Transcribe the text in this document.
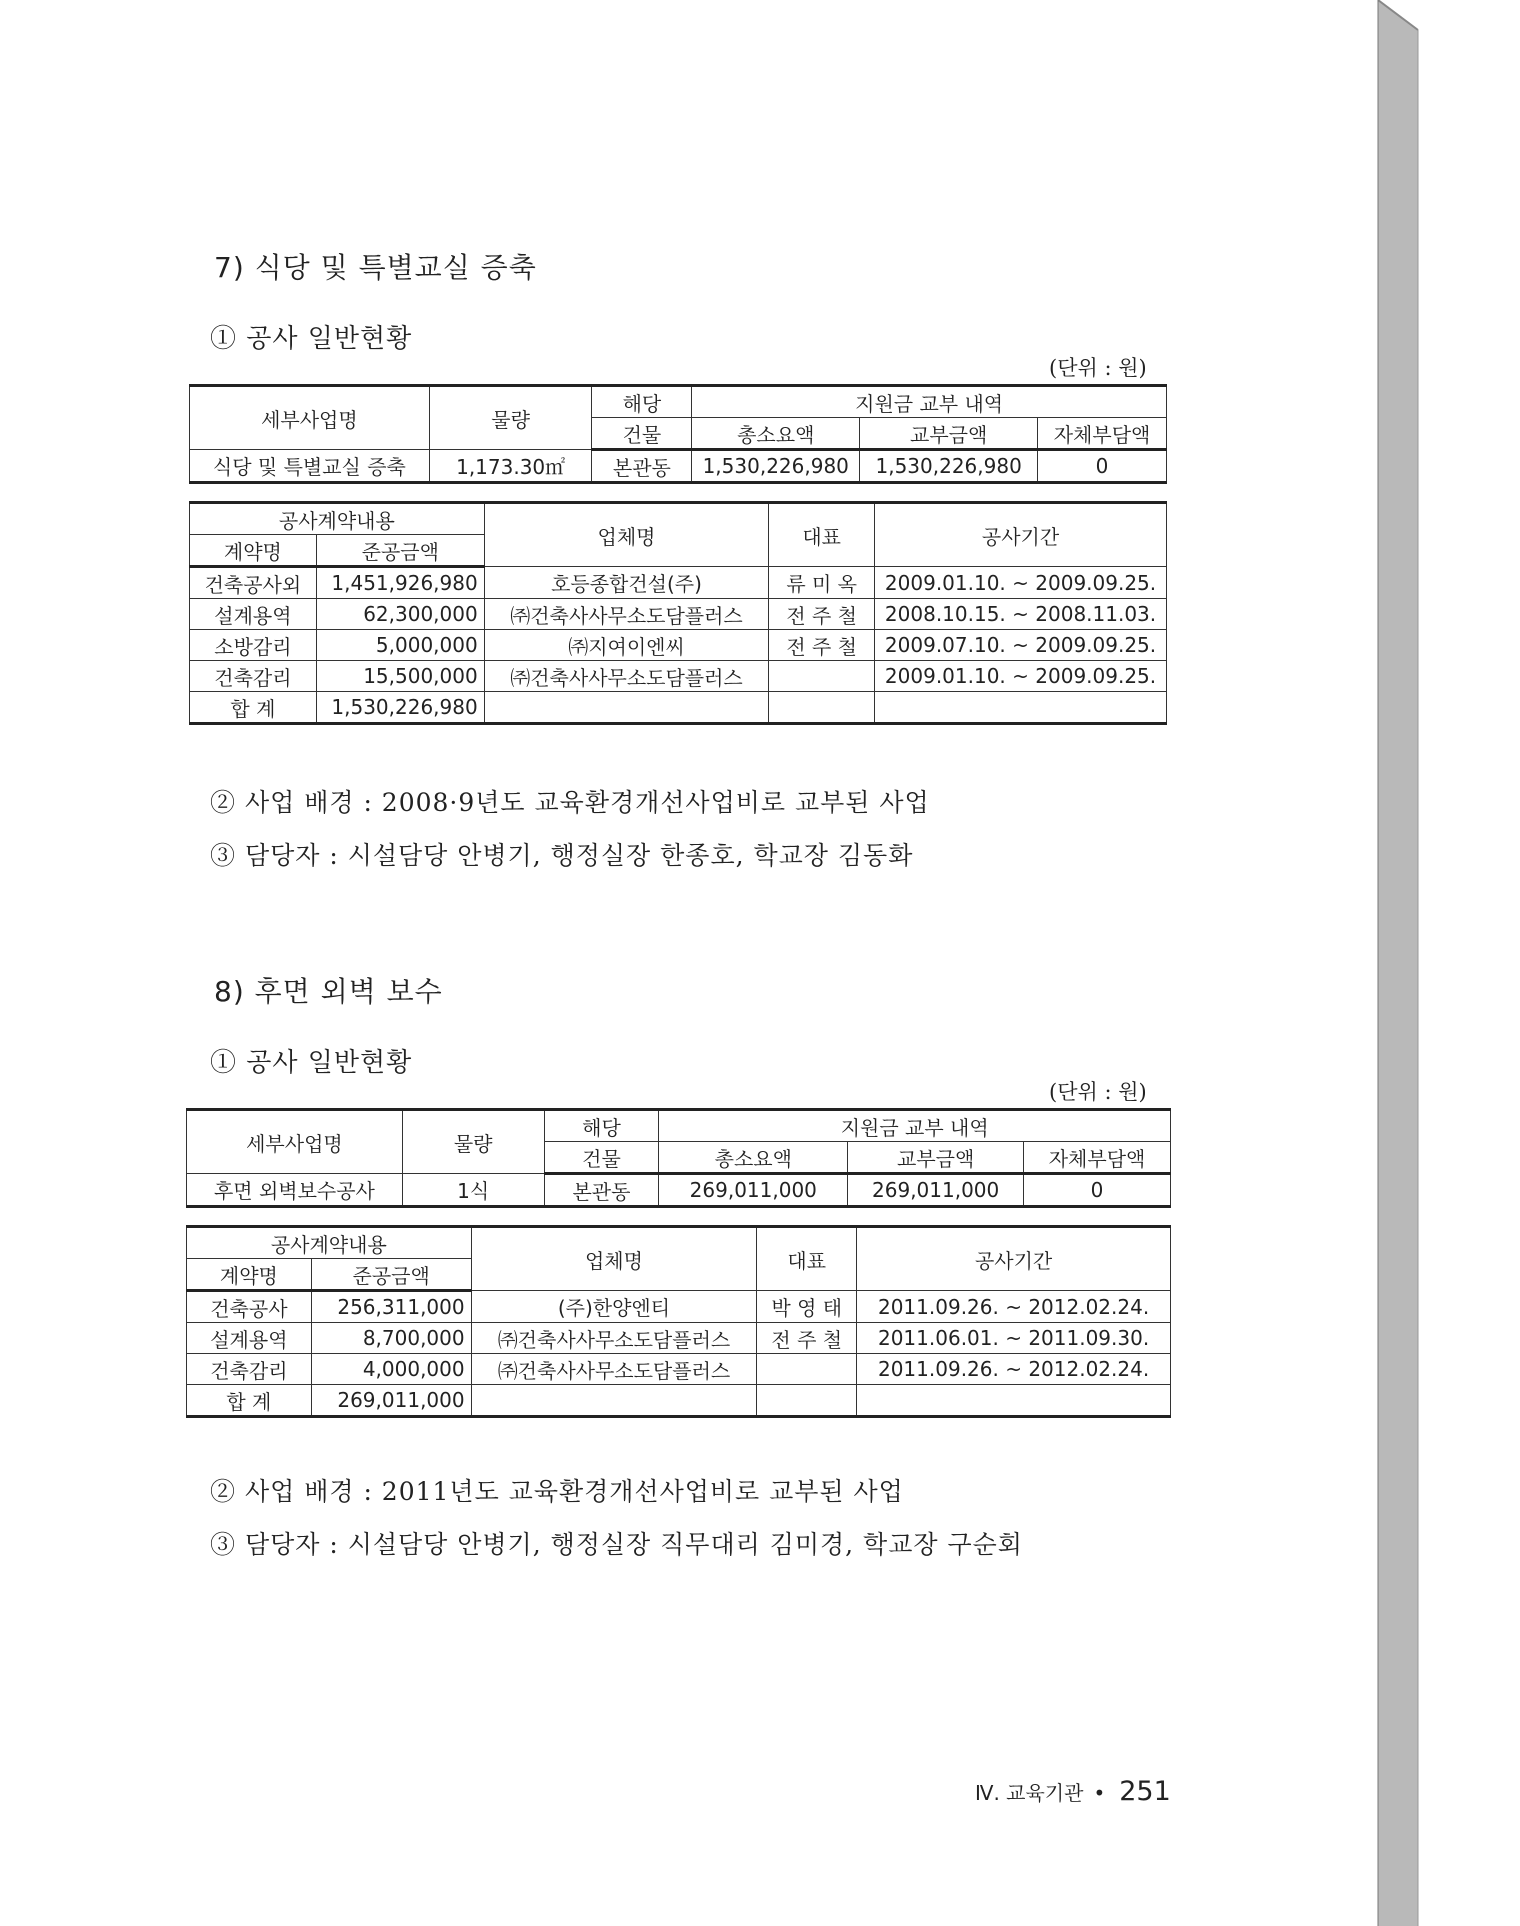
7) 식당 및 특별교실 증축
① 공사 일반현황
(단위 : 원)
세부사업명	물량	해당	지원금 교부 내역		
		건물	총소요액	교부금액	자체부담액
식당 및 특별교실 증축	1,173.30㎡	본관동	1,530,226,980	1,530,226,980	0
공사계약내용		업체명	대표	공사기간
계약명	준공금액			
건축공사외	1,451,926,980	호등종합건설(주)	류 미 옥	2009.01.10. ~ 2009.09.25.
설계용역	62,300,000	㈜건축사사무소도담플러스	전 주 철	2008.10.15. ~ 2008.11.03.
소방감리	5,000,000	㈜지여이엔씨	전 주 철	2009.07.10. ~ 2009.09.25.
건축감리	15,500,000	㈜건축사사무소도담플러스		2009.01.10. ~ 2009.09.25.
합 계	1,530,226,980			
② 사업 배경 : 2008·9년도 교육환경개선사업비로 교부된 사업
③ 담당자 : 시설담당 안병기, 행정실장 한종호, 학교장 김동화
8) 후면 외벽 보수
① 공사 일반현황
(단위 : 원)
세부사업명	물량	해당	지원금 교부 내역		
		건물	총소요액	교부금액	자체부담액
후면 외벽보수공사	1식	본관동	269,011,000	269,011,000	0
공사계약내용		업체명	대표	공사기간
계약명	준공금액			
건축공사	256,311,000	(주)한양엔티	박 영 태	2011.09.26. ~ 2012.02.24.
설계용역	8,700,000	㈜건축사사무소도담플러스	전 주 철	2011.06.01. ~ 2011.09.30.
건축감리	4,000,000	㈜건축사사무소도담플러스		2011.09.26. ~ 2012.02.24.
합 계	269,011,000			
② 사업 배경 : 2011년도 교육환경개선사업비로 교부된 사업
③ 담당자 : 시설담당 안병기, 행정실장 직무대리 김미경, 학교장 구순회
Ⅳ. 교육기관 • 251
